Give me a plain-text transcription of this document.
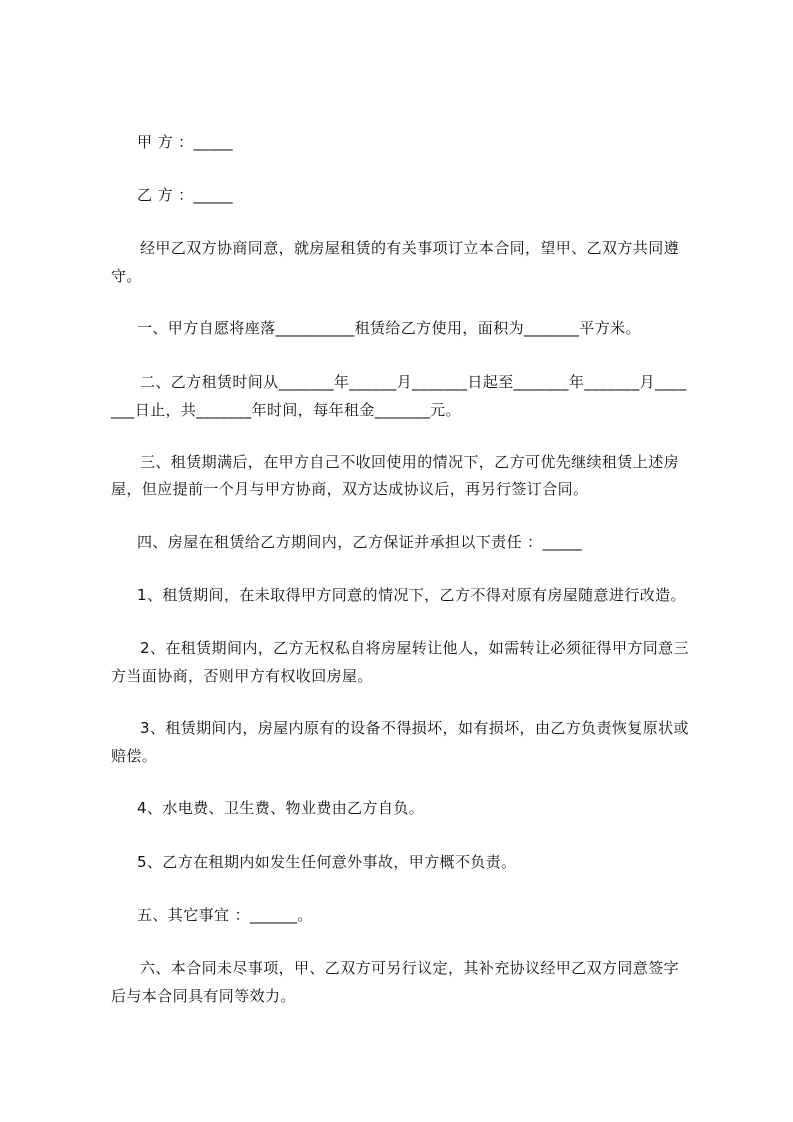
甲 方 ：_____
乙 方 ：_____
经甲乙双方协商同意，就房屋租赁的有关事项订立本合同，望甲、乙双方共同遵
守。
一、甲方自愿将座落__________租赁给乙方使用，面积为_______平方米。
二、乙方租赁时间从_______年______月_______日起至_______年_______月____
___日止，共_______年时间，每年租金_______元。
三、租赁期满后，在甲方自己不收回使用的情况下，乙方可优先继续租赁上述房
屋，但应提前一个月与甲方协商，双方达成协议后，再另行签订合同。
四、房屋在租赁给乙方期间内，乙方保证并承担以下责任 ：_____
1、租赁期间，在未取得甲方同意的情况下，乙方不得对原有房屋随意进行改造。
2、在租赁期间内，乙方无权私自将房屋转让他人，如需转让必须征得甲方同意三
方当面协商，否则甲方有权收回房屋。
3、租赁期间内，房屋内原有的设备不得损坏，如有损坏，由乙方负责恢复原状或
赔偿。
4、水电费、卫生费、物业费由乙方自负。
5、乙方在租期内如发生任何意外事故，甲方概不负责。
五、其它事宜 ：______。
六、本合同未尽事项，甲、乙双方可另行议定，其补充协议经甲乙双方同意签字
后与本合同具有同等效力。
